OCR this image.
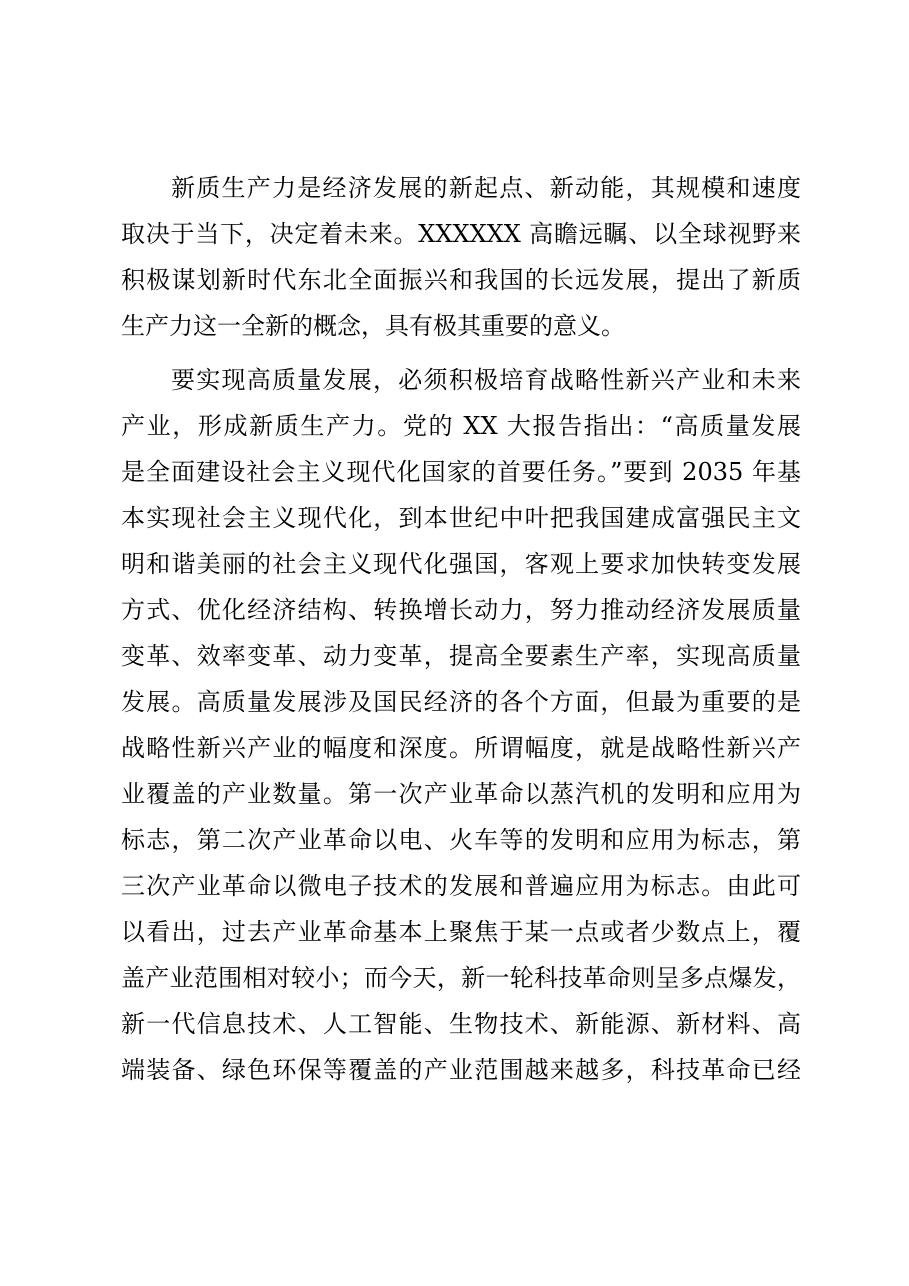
新质生产力是经济发展的新起点、新动能，其规模和速度
取决于当下，决定着未来。XXXXXX 高瞻远瞩、以全球视野来
积极谋划新时代东北全面振兴和我国的长远发展，提出了新质
生产力这一全新的概念，具有极其重要的意义。
要实现高质量发展，必须积极培育战略性新兴产业和未来
产业，形成新质生产力。党的 XX 大报告指出：“高质量发展
是全面建设社会主义现代化国家的首要任务。”要到 2035 年基
本实现社会主义现代化，到本世纪中叶把我国建成富强民主文
明和谐美丽的社会主义现代化强国，客观上要求加快转变发展
方式、优化经济结构、转换增长动力，努力推动经济发展质量
变革、效率变革、动力变革，提高全要素生产率，实现高质量
发展。高质量发展涉及国民经济的各个方面，但最为重要的是
战略性新兴产业的幅度和深度。所谓幅度，就是战略性新兴产
业覆盖的产业数量。第一次产业革命以蒸汽机的发明和应用为
标志，第二次产业革命以电、火车等的发明和应用为标志，第
三次产业革命以微电子技术的发展和普遍应用为标志。由此可
以看出，过去产业革命基本上聚焦于某一点或者少数点上，覆
盖产业范围相对较小；而今天，新一轮科技革命则呈多点爆发，
新一代信息技术、人工智能、生物技术、新能源、新材料、高
端装备、绿色环保等覆盖的产业范围越来越多，科技革命已经
